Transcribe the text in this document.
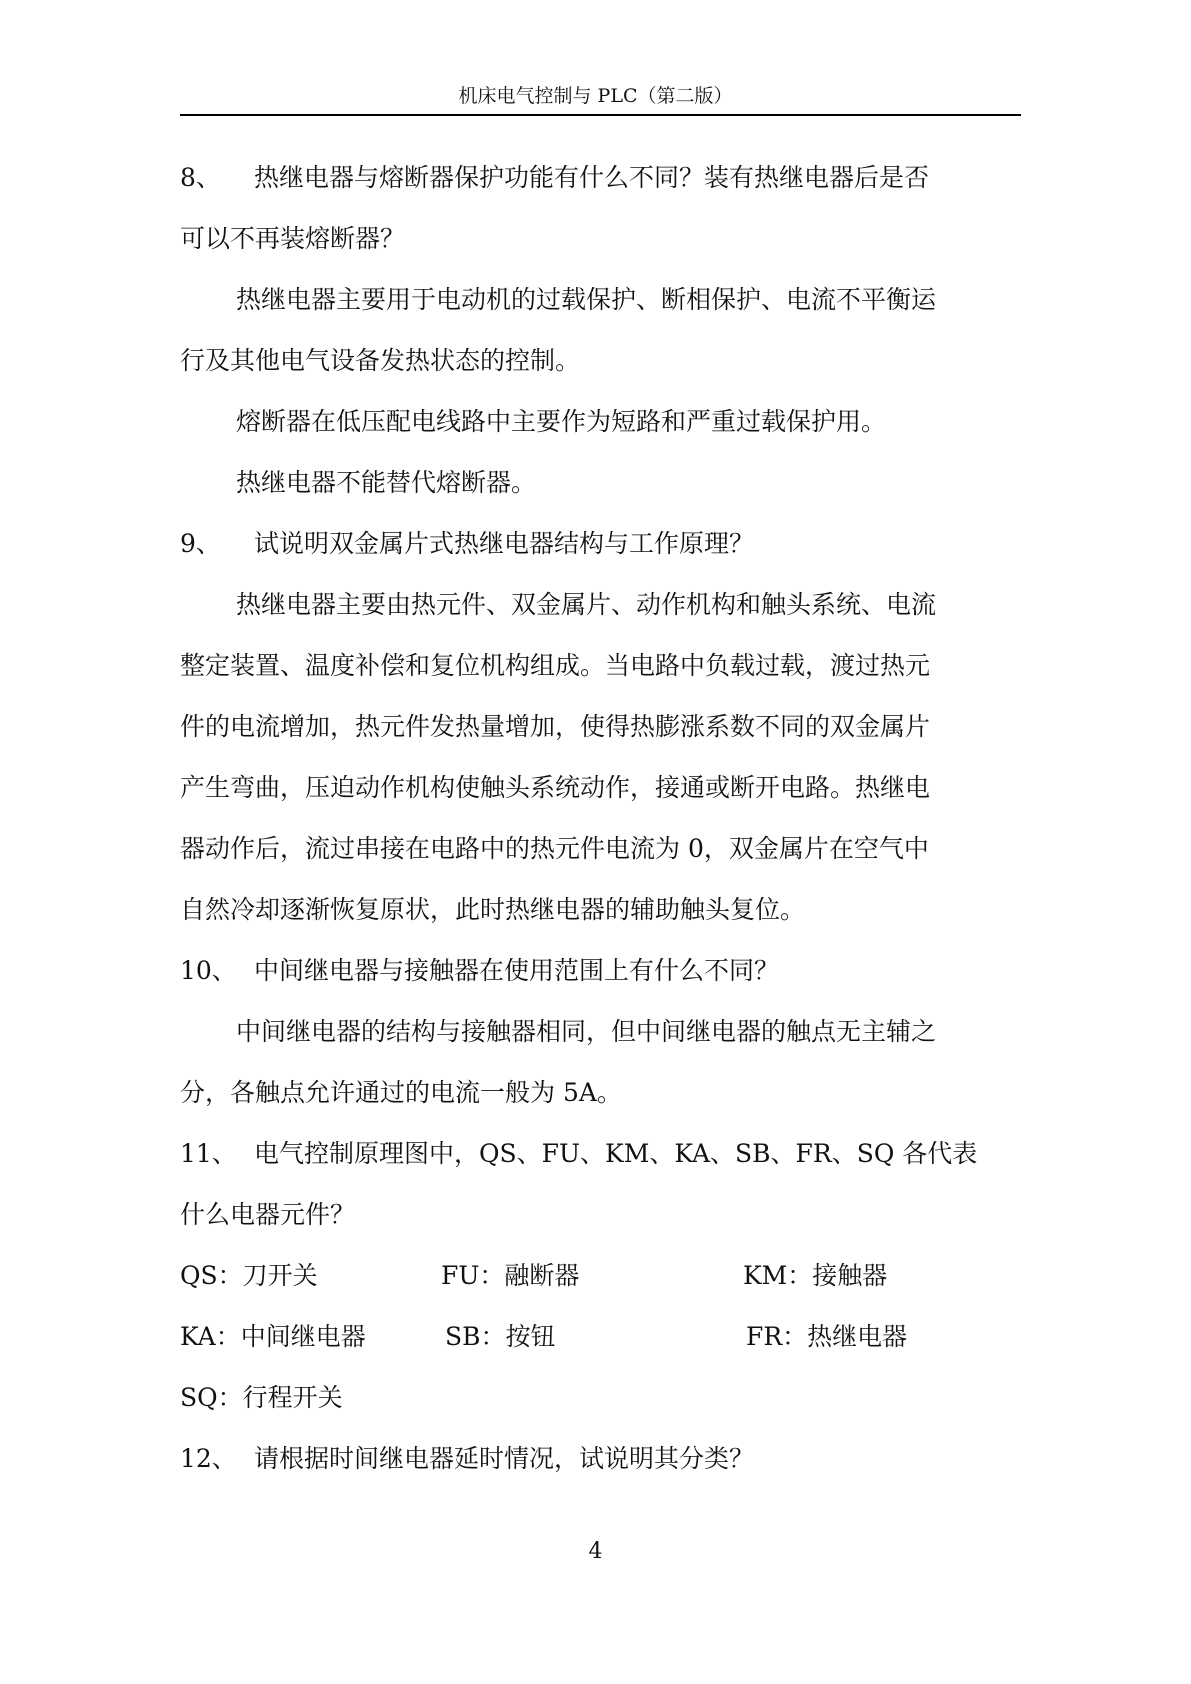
机床电气控制与 PLC（第二版）
8、 热继电器与熔断器保护功能有什么不同？装有热继电器后是否
可以不再装熔断器？
热继电器主要用于电动机的过载保护、断相保护、电流不平衡运
行及其他电气设备发热状态的控制。
熔断器在低压配电线路中主要作为短路和严重过载保护用。
热继电器不能替代熔断器。
9、 试说明双金属片式热继电器结构与工作原理？
热继电器主要由热元件、双金属片、动作机构和触头系统、电流
整定装置、温度补偿和复位机构组成。当电路中负载过载，渡过热元
件的电流增加，热元件发热量增加，使得热膨涨系数不同的双金属片
产生弯曲，压迫动作机构使触头系统动作，接通或断开电路。热继电
器动作后，流过串接在电路中的热元件电流为 0，双金属片在空气中
自然冷却逐渐恢复原状，此时热继电器的辅助触头复位。
10、 中间继电器与接触器在使用范围上有什么不同？
中间继电器的结构与接触器相同，但中间继电器的触点无主辅之
分，各触点允许通过的电流一般为 5A。
11、 电气控制原理图中，QS、FU、KM、KA、SB、FR、SQ 各代表
什么电器元件？
QS：刀开关	FU：融断器	KM：接触器
KA：中间继电器	SB：按钮	FR：热继电器
SQ：行程开关
12、 请根据时间继电器延时情况，试说明其分类？
4
